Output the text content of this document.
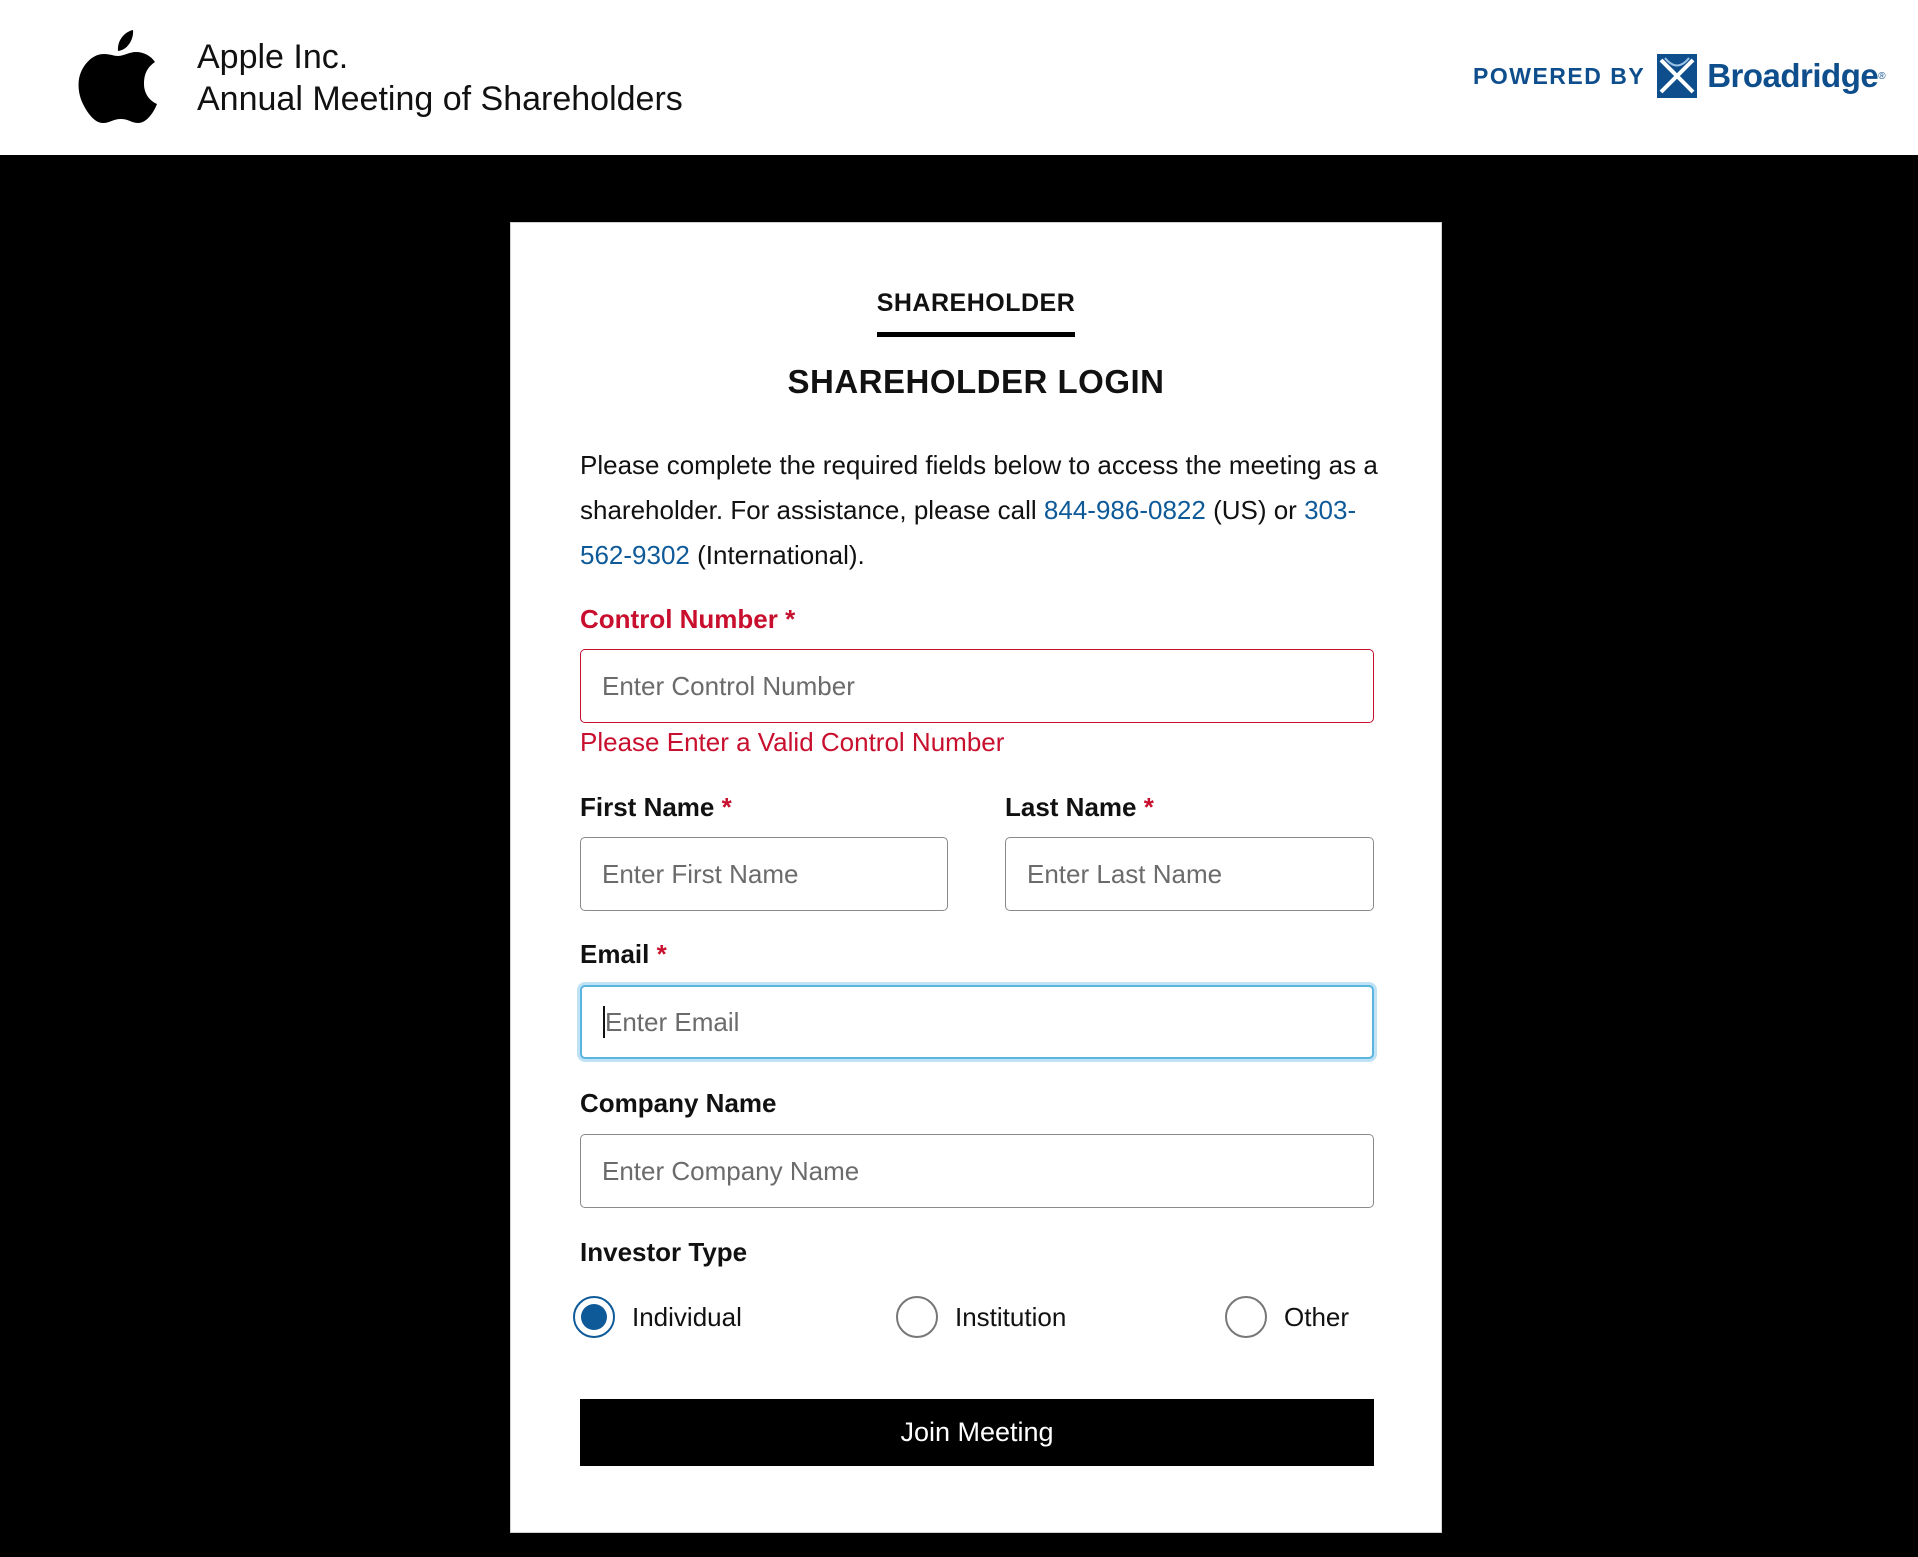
Apple Inc.
Annual Meeting of Shareholders
POWERED BY Broadridge ®
SHAREHOLDER
SHAREHOLDER LOGIN
Please complete the required fields below to access the meeting as a shareholder. For assistance, please call 844-986-0822 (US) or 303-562-9302 (International).
Control Number *
Enter Control Number
Please Enter a Valid Control Number
First Name *
Enter First Name
Last Name *
Enter Last Name
Email *
Enter Email
Company Name
Enter Company Name
Investor Type
Individual	Institution	Other
Join Meeting
